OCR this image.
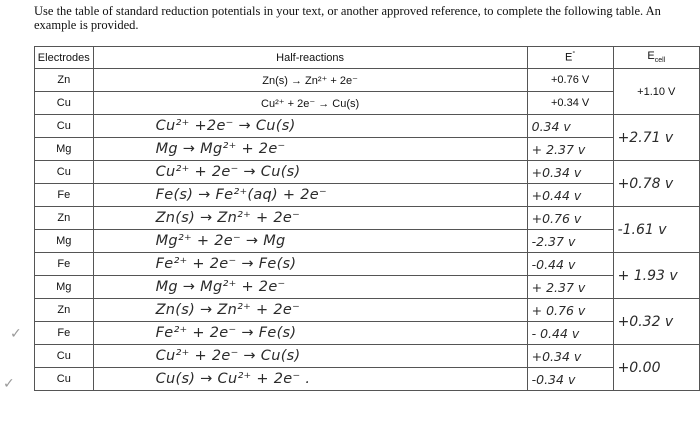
Use the table of standard reduction potentials in your text, or another approved reference, to complete the following table. An example is provided.
Electrodes	Half-reactions	E°	$E_{cell}$
Zn	Zn(s) → Zn²⁺ + 2e⁻	+0.76 V	+1.10 V
Cu	Cu²⁺ + 2e⁻ → Cu(s)	+0.34 V	
Cu	Cu²⁺ +2e⁻ → Cu(s)	0.34 v	+2.71 v
Mg	Mg → Mg²⁺ + 2e⁻	+ 2.37 v	
Cu	Cu²⁺ + 2e⁻ → Cu(s)	+0.34 v	+0.78 v
Fe	Fe(s) → Fe²⁺(aq) + 2e⁻	+0.44 v	
Zn	Zn(s) → Zn²⁺ + 2e⁻	+0.76 v	-1.61 v
Mg	Mg²⁺ + 2e⁻ → Mg	-2.37 v	
Fe	Fe²⁺ + 2e⁻ → Fe(s)	-0.44 v	+ 1.93 v
Mg	Mg → Mg²⁺ + 2e⁻	+ 2.37 v	
Zn	Zn(s) → Zn²⁺ + 2e⁻	+ 0.76 v	+0.32 v
Fe	Fe²⁺ + 2e⁻ → Fe(s)	- 0.44 v	
Cu	Cu²⁺ + 2e⁻ → Cu(s)	+0.34 v	+0.00
Cu	Cu(s) → Cu²⁺ + 2e⁻ .	-0.34 v	
✓
✓
